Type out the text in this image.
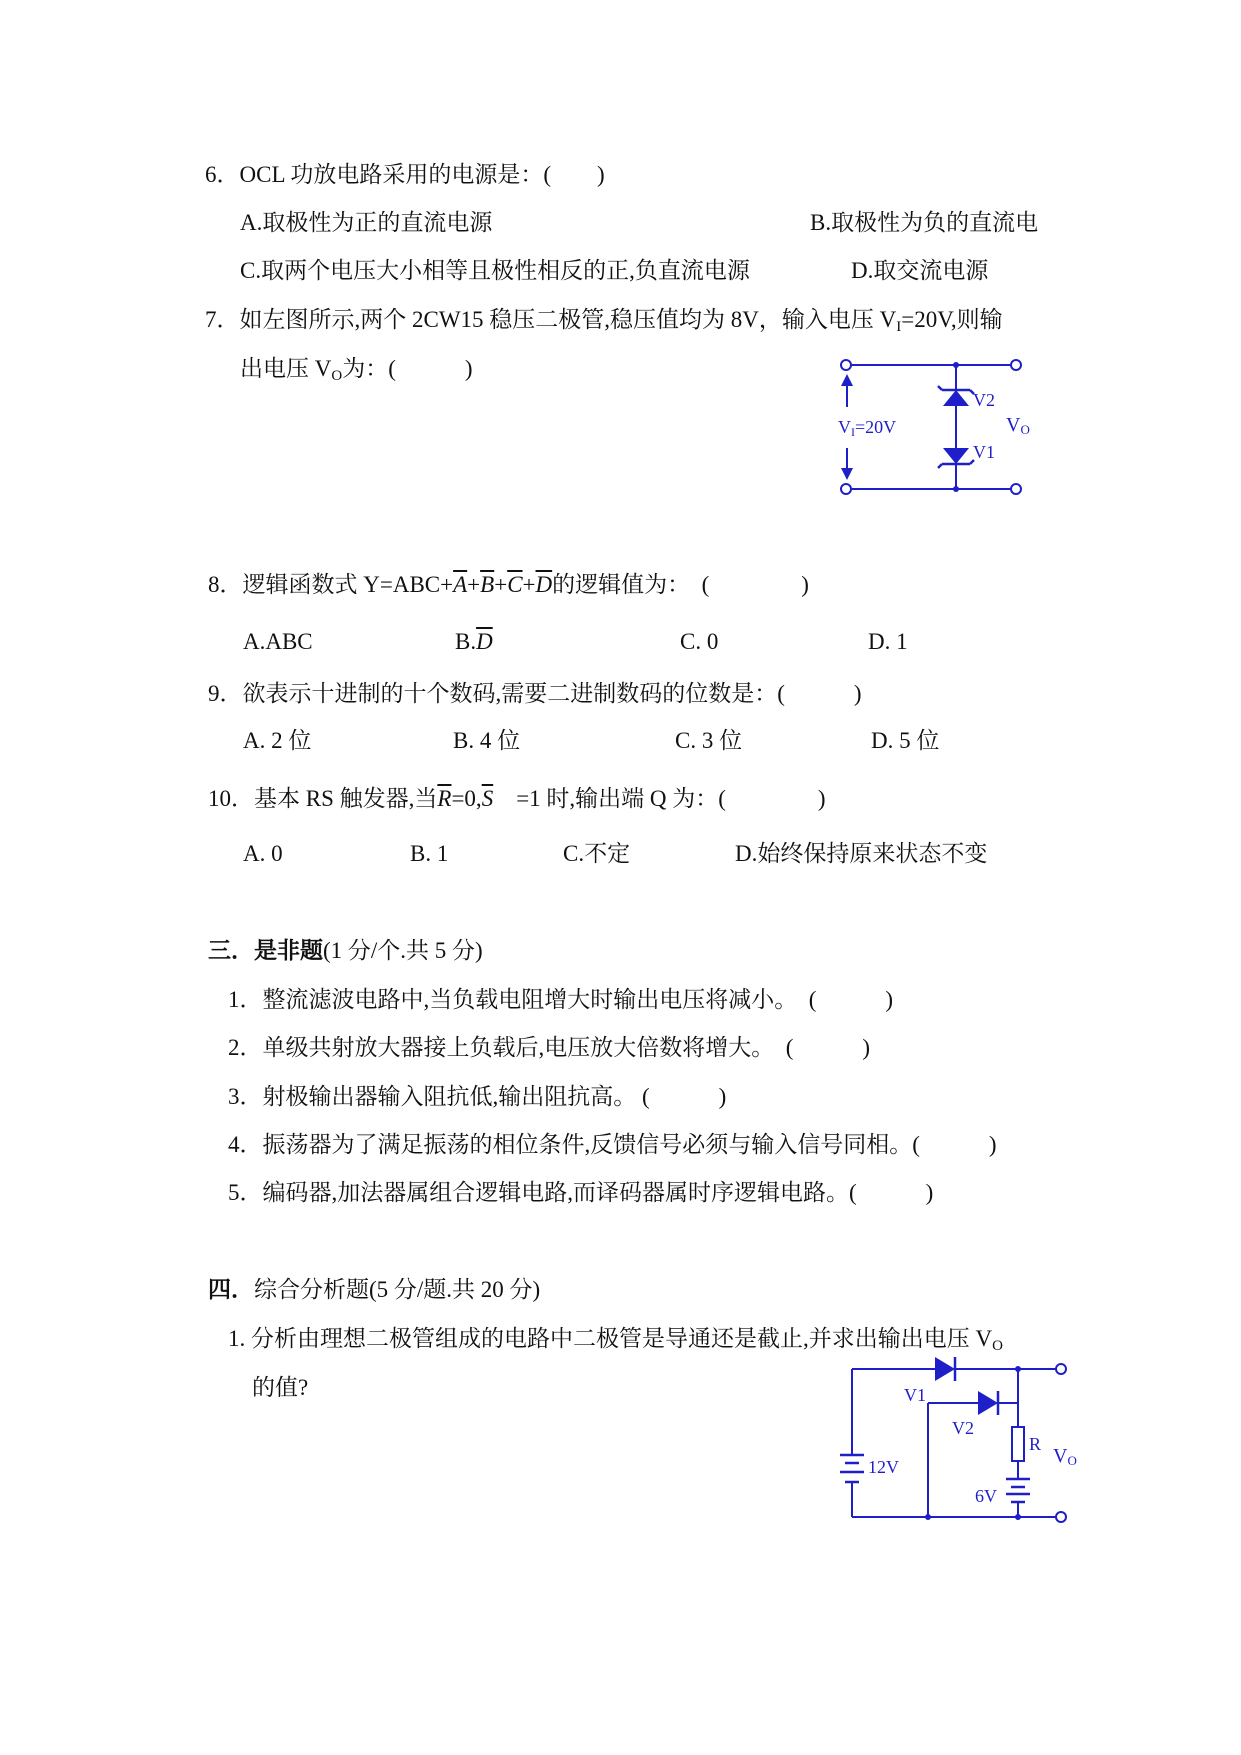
6．OCL 功放电路采用的电源是：(　　)
A.取极性为正的直流电源	B.取极性为负的直流电
C.取两个电压大小相等且极性相反的正,负直流电源	D.取交流电源
7．如左图所示,两个 2CW15 稳压二极管,稳压值均为 8V，输入电压 $V_I=20V$,则输
出电压 $V_O$为：(　　　)
VI=20V
V2
V1
VO
8．逻辑函数式 $Y=ABC+\overline{A}+\overline{B}+\overline{C}+\overline{D}$的逻辑值为：　(　　　　)
A.ABC	$B.\overline{D}$	C. 0	D. 1
9．欲表示十进制的十个数码,需要二进制数码的位数是：(　　　)
A. 2 位	B. 4 位	C. 3 位	D. 5 位
10．基本 RS 触发器,当$\overline{R}=0,\overline{S}$　=1 时,输出端 Q 为：(　　　　)
A. 0	B. 1	C.不定	D.始终保持原来状态不变
三．是非题(1 分/个.共 5 分)
1．整流滤波电路中,当负载电阻增大时输出电压将减小。　(　　　)
2．单级共射放大器接上负载后,电压放大倍数将增大。　(　　　)
3．射极输出器输入阻抗低,输出阻抗高。 (　　　)
4．振荡器为了满足振荡的相位条件,反馈信号必须与输入信号同相。(　　　)
5．编码器,加法器属组合逻辑电路,而译码器属时序逻辑电路。(　　　)
四．综合分析题(5 分/题.共 20 分)
1. 分析由理想二极管组成的电路中二极管是导通还是截止,并求出输出电压 $V_O$
的值?	V1
V2
12V
R
6V
VO
